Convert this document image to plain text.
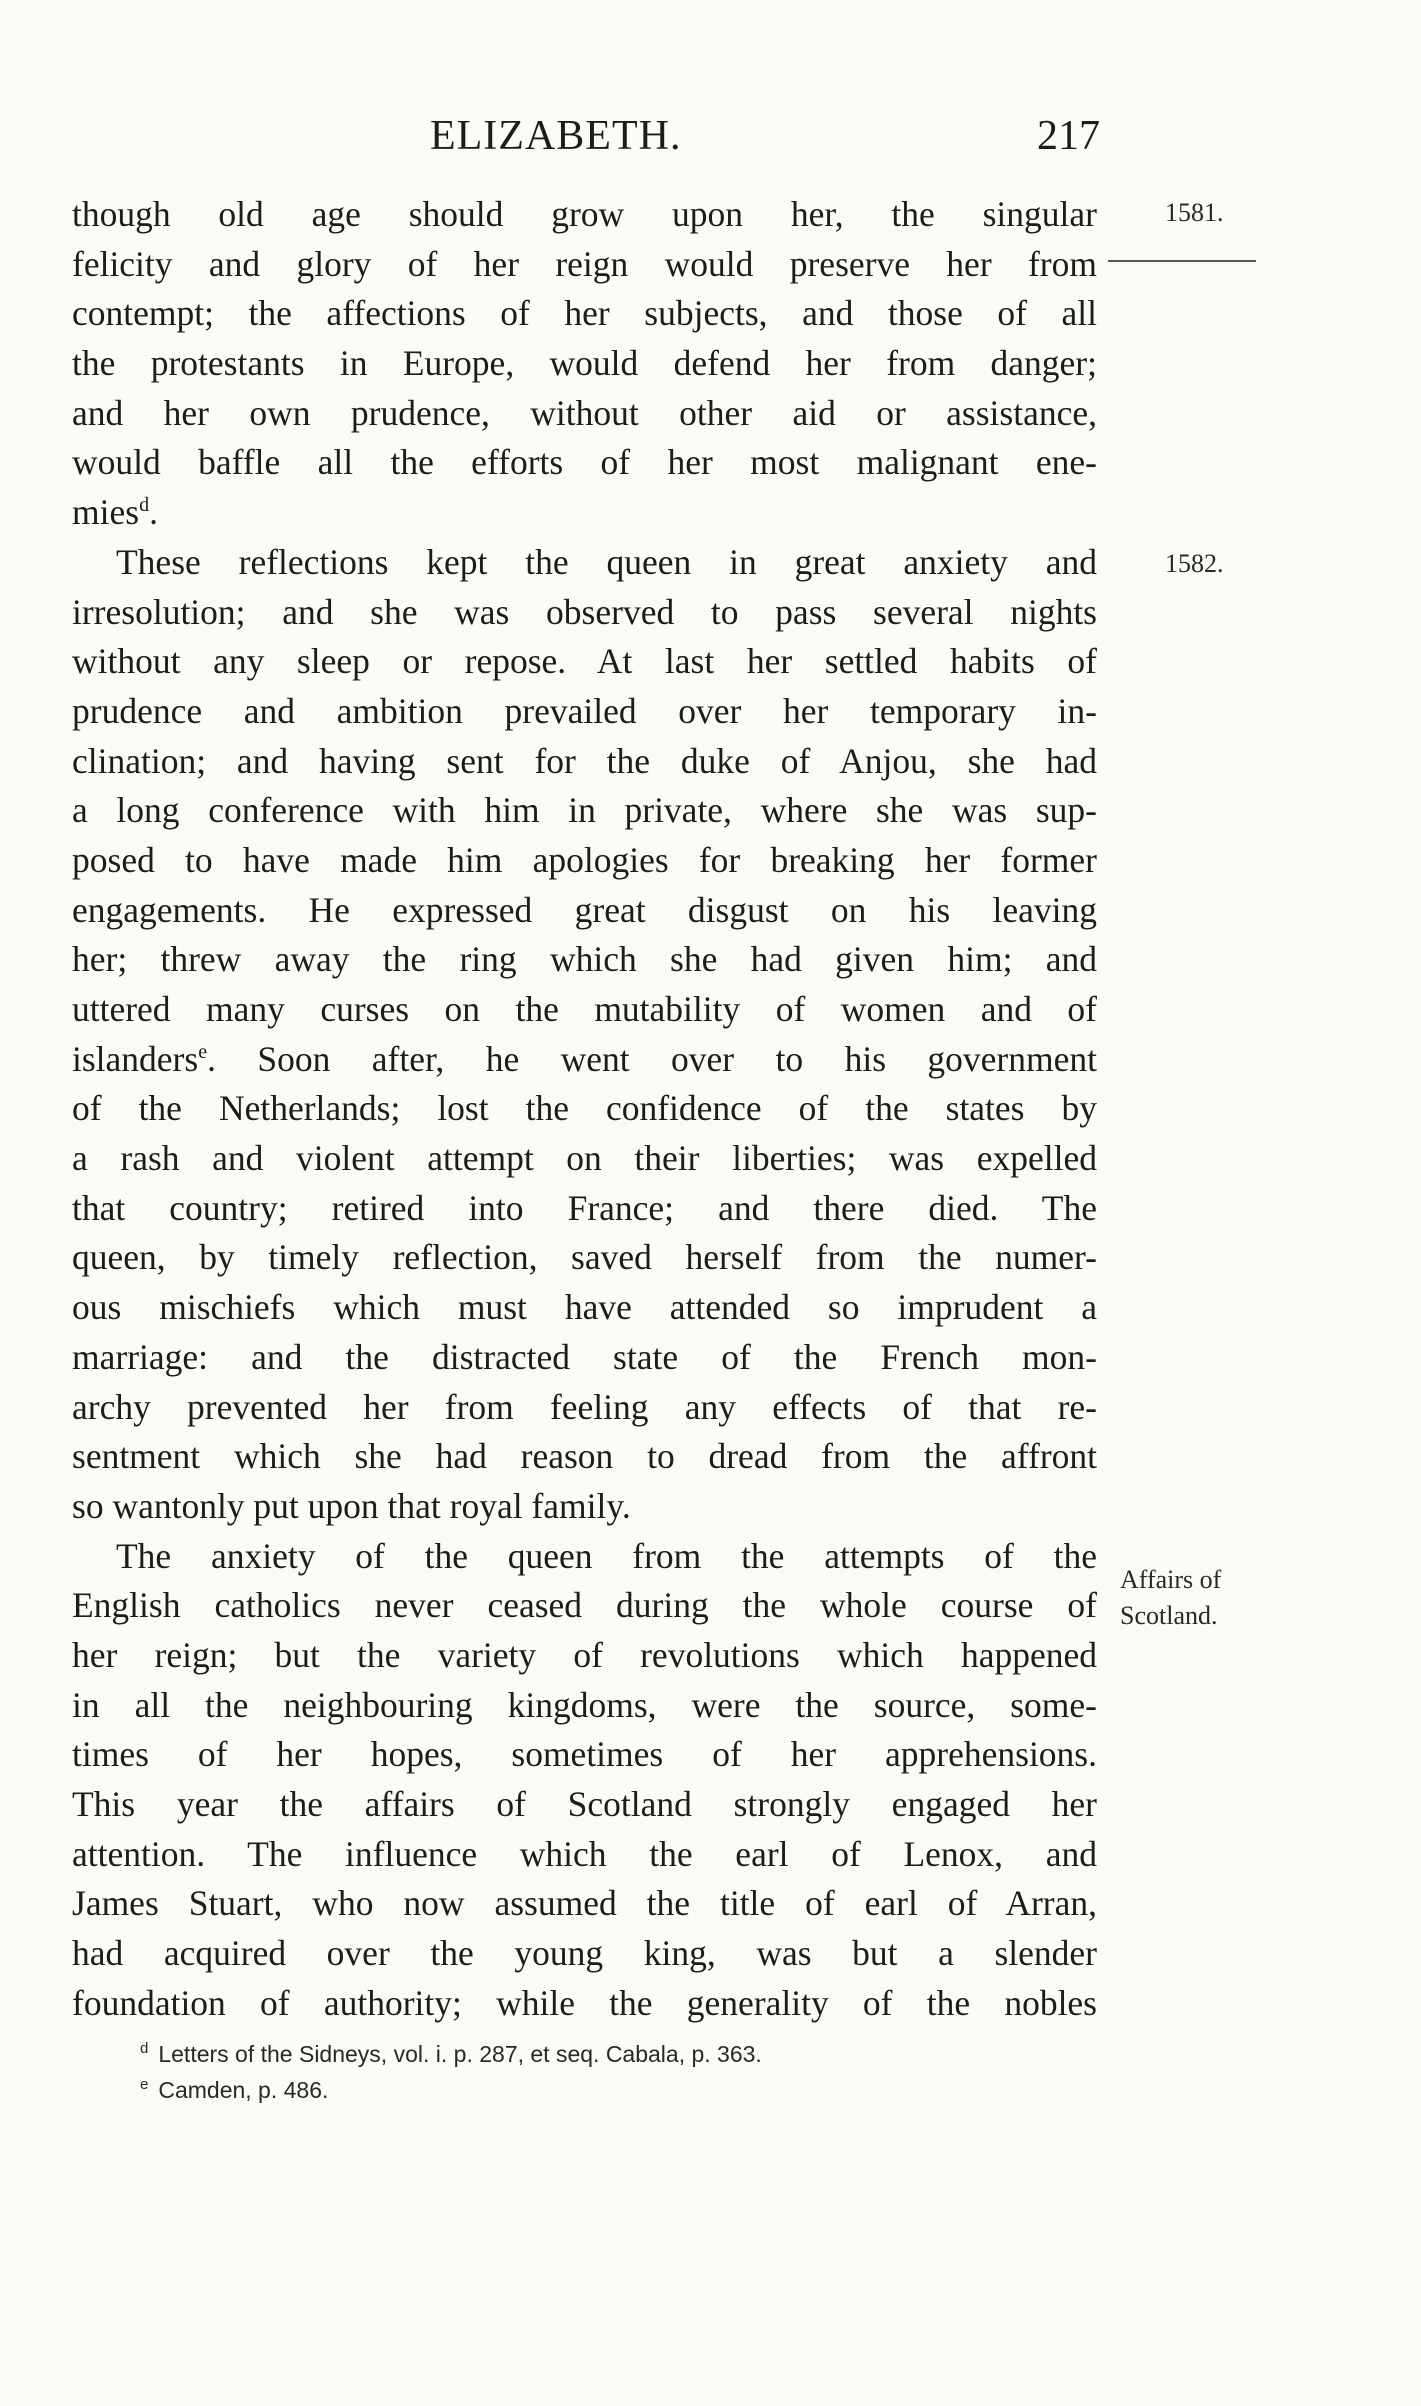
ELIZABETH.	217
1581.
1582.
Affairs of
Scotland.
though old age should grow upon her, the singular
felicity and glory of her reign would preserve her from
contempt; the affections of her subjects, and those of all
the protestants in Europe, would defend her from danger;
and her own prudence, without other aid or assistance,
would baffle all the efforts of her most malignant ene-
mies$^d$.
These reflections kept the queen in great anxiety and
irresolution; and she was observed to pass several nights
without any sleep or repose. At last her settled habits of
prudence and ambition prevailed over her temporary in-
clination; and having sent for the duke of Anjou, she had
a long conference with him in private, where she was sup-
posed to have made him apologies for breaking her former
engagements. He expressed great disgust on his leaving
her; threw away the ring which she had given him; and
uttered many curses on the mutability of women and of
islanders$^e$. Soon after, he went over to his government
of the Netherlands; lost the confidence of the states by
a rash and violent attempt on their liberties; was expelled
that country; retired into France; and there died. The
queen, by timely reflection, saved herself from the numer-
ous mischiefs which must have attended so imprudent a
marriage: and the distracted state of the French mon-
archy prevented her from feeling any effects of that re-
sentment which she had reason to dread from the affront
so wantonly put upon that royal family.
The anxiety of the queen from the attempts of the
English catholics never ceased during the whole course of
her reign; but the variety of revolutions which happened
in all the neighbouring kingdoms, were the source, some-
times of her hopes, sometimes of her apprehensions.
This year the affairs of Scotland strongly engaged her
attention. The influence which the earl of Lenox, and
James Stuart, who now assumed the title of earl of Arran,
had acquired over the young king, was but a slender
foundation of authority; while the generality of the nobles
$^d$ Letters of the Sidneys, vol. i. p. 287, et seq. Cabala, p. 363.
$^e$ Camden, p. 486.
